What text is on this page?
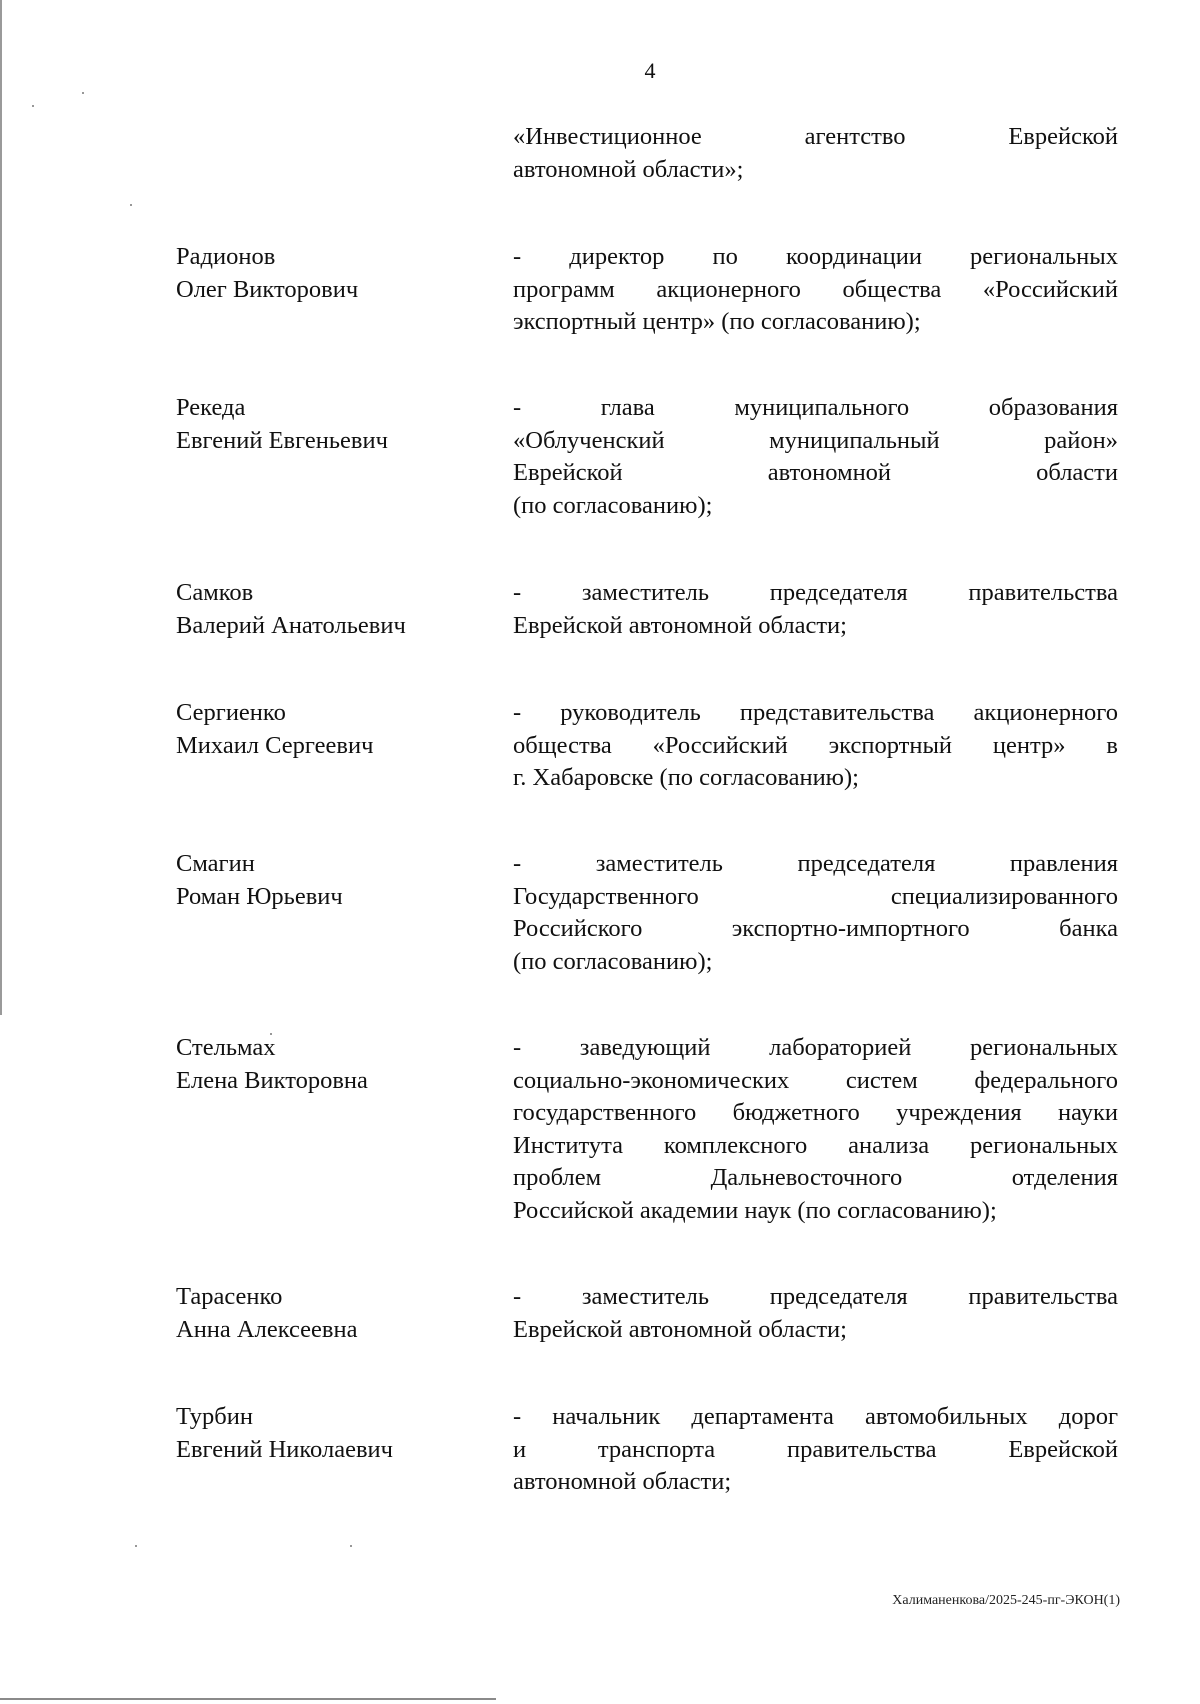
4
«Инвестиционное агентство Еврейской
автономной области»;
Радионов
Олег Викторович
- директор по координации региональных
программ акционерного общества «Российский
экспортный центр» (по согласованию);
Рекеда
Евгений Евгеньевич
- глава муниципального образования
«Облученский муниципальный район»
Еврейской автономной области
(по согласованию);
Самков
Валерий Анатольевич
- заместитель председателя правительства
Еврейской автономной области;
Сергиенко
Михаил Сергеевич
- руководитель представительства акционерного
общества «Российский экспортный центр» в
г. Хабаровске (по согласованию);
Смагин
Роман Юрьевич
- заместитель председателя правления
Государственного специализированного
Российского экспортно-импортного банка
(по согласованию);
Стельмах
Елена Викторовна
- заведующий лабораторией региональных
социально-экономических систем федерального
государственного бюджетного учреждения науки
Института комплексного анализа региональных
проблем Дальневосточного отделения
Российской академии наук (по согласованию);
Тарасенко
Анна Алексеевна
- заместитель председателя правительства
Еврейской автономной области;
Турбин
Евгений Николаевич
- начальник департамента автомобильных дорог
и транспорта правительства Еврейской
автономной области;
Халиманенкова/2025-245-пг-ЭКОН(1)
